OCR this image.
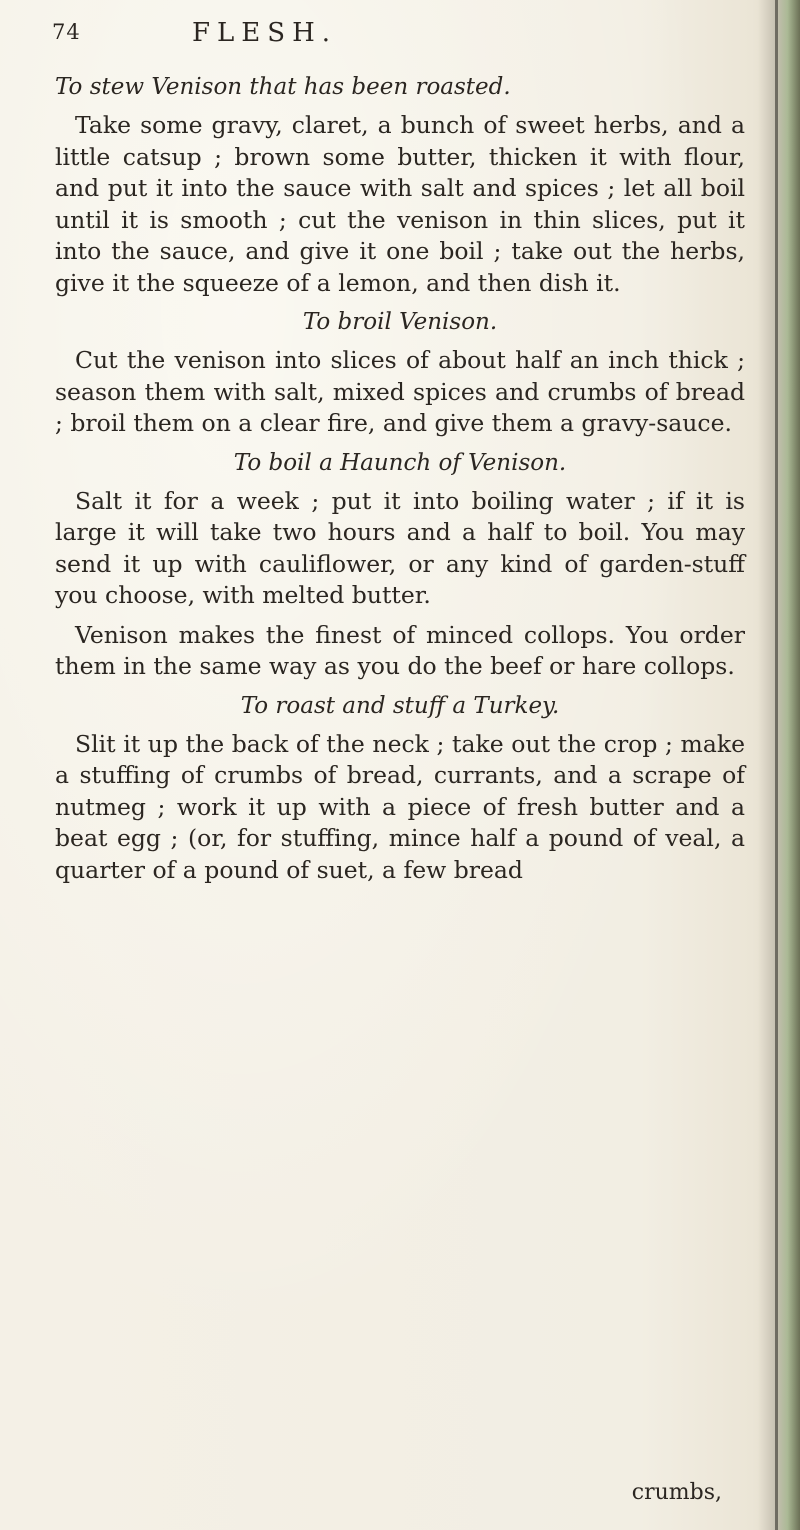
74	FLESH.
To stew Venison that has been roasted.

Take some gravy, claret, a bunch of sweet herbs, and a little catsup ; brown some butter, thicken it with flour, and put it into the sauce with salt and spices ; let all boil until it is smooth ; cut the venison in thin slices, put it into the sauce, and give it one boil ; take out the herbs, give it the squeeze of a lemon, and then dish it.

To broil Venison.

Cut the venison into slices of about half an inch thick ; season them with salt, mixed spices and crumbs of bread ; broil them on a clear fire, and give them a gravy-sauce.

To boil a Haunch of Venison.

Salt it for a week ; put it into boiling water ; if it is large it will take two hours and a half to boil. You may send it up with cauliflower, or any kind of garden-stuff you choose, with melted butter.

Venison makes the finest of minced collops. You order them in the same way as you do the beef or hare collops.

To roast and stuff a Turkey.

Slit it up the back of the neck ; take out the crop ; make a stuffing of crumbs of bread, currants, and a scrape of nutmeg ; work it up with a piece of fresh butter and a beat egg ; (or, for stuffing, mince half a pound of veal, a quarter of a pound of suet, a few bread

crumbs,
